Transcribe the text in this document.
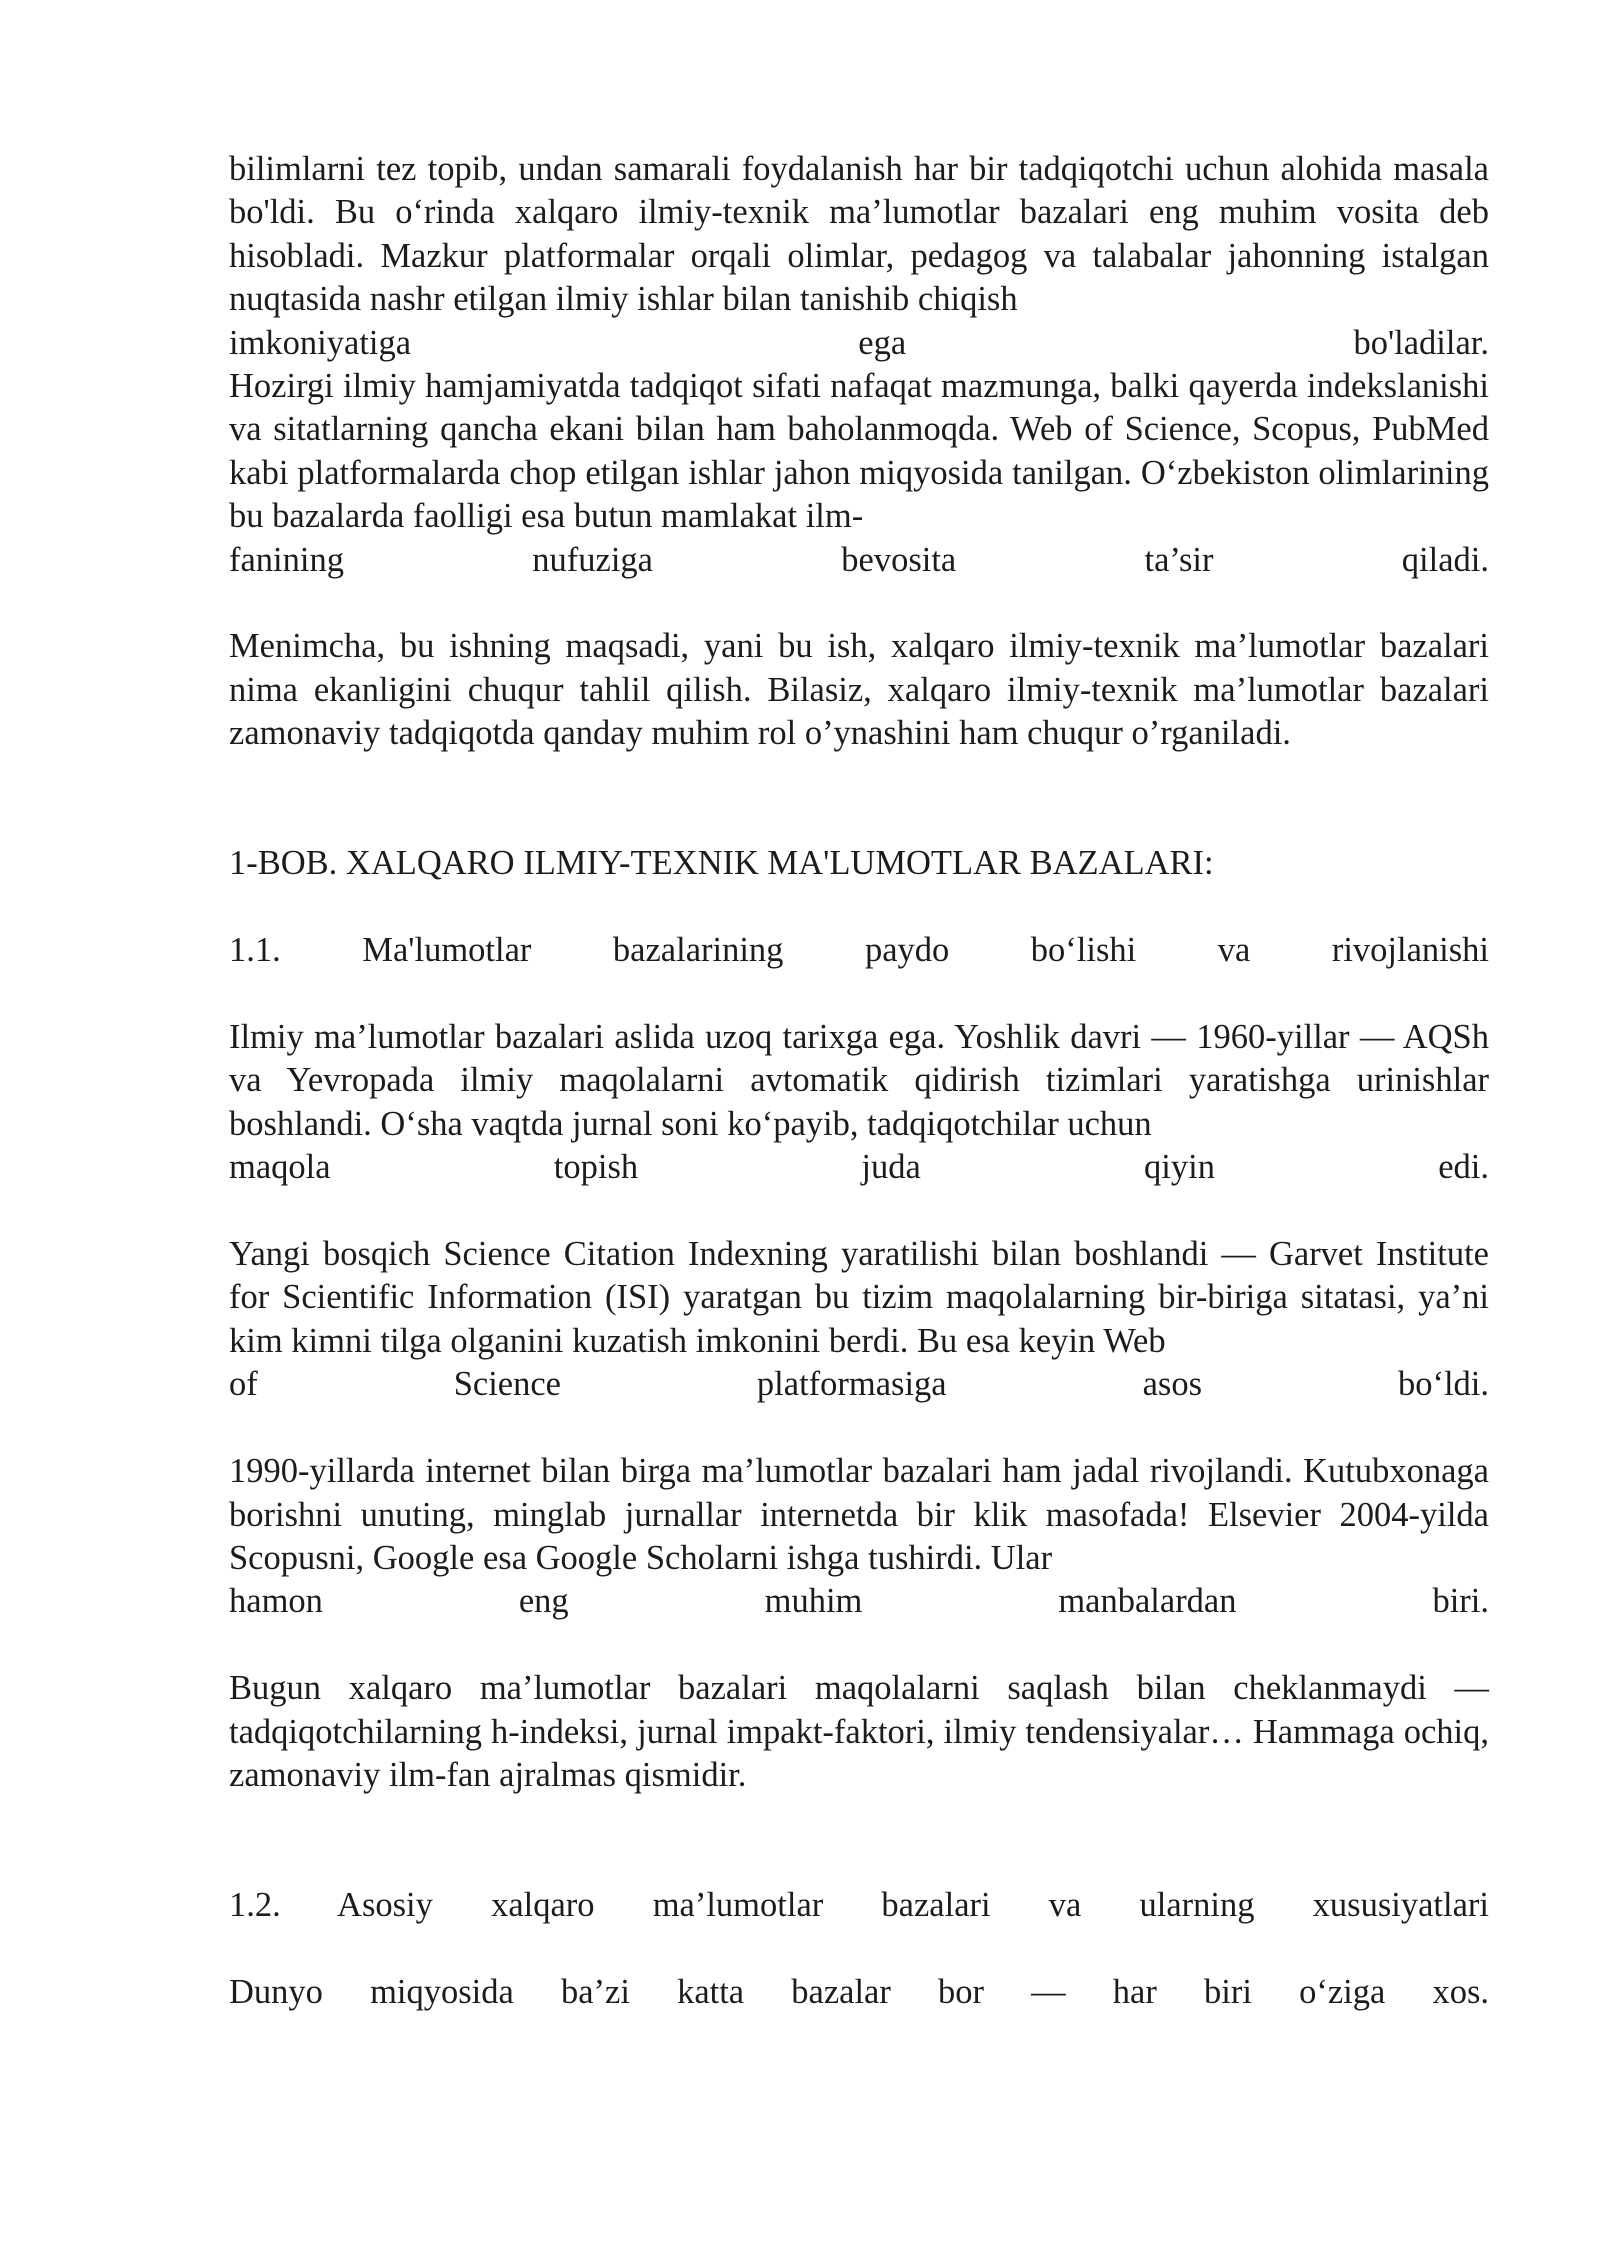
bilimlarni tez topib, undan samarali foydalanish har bir tadqiqotchi uchun alohida masala bo'ldi. Bu o‘rinda xalqaro ilmiy-texnik ma’lumotlar bazalari eng muhim vosita deb hisobladi. Mazkur platformalar orqali olimlar, pedagog va talabalar jahonning istalgan nuqtasida nashr etilgan ilmiy ishlar bilan tanishib chiqish

imkoniyatiga ega bo'ladilar.

Hozirgi ilmiy hamjamiyatda tadqiqot sifati nafaqat mazmunga, balki qayerda indekslanishi va sitatlarning qancha ekani bilan ham baholanmoqda. Web of Science, Scopus, PubMed kabi platformalarda chop etilgan ishlar jahon miqyosida tanilgan. O‘zbekiston olimlarining bu bazalarda faolligi esa butun mamlakat ilm-

fanining nufuziga bevosita ta’sir qiladi.

Menimcha, bu ishning maqsadi, yani bu ish, xalqaro ilmiy-texnik ma’lumotlar bazalari nima ekanligini chuqur tahlil qilish. Bilasiz, xalqaro ilmiy-texnik ma’lumotlar bazalari zamonaviy tadqiqotda qanday muhim rol o’ynashini ham chuqur o’rganiladi.

1-BOB. XALQARO ILMIY-TEXNIK MA'LUMOTLAR BAZALARI:

1.1. Ma'lumotlar bazalarining paydo bo‘lishi va rivojlanishi

Ilmiy ma’lumotlar bazalari aslida uzoq tarixga ega. Yoshlik davri — 1960-yillar — AQSh va Yevropada ilmiy maqolalarni avtomatik qidirish tizimlari yaratishga urinishlar boshlandi. O‘sha vaqtda jurnal soni ko‘payib, tadqiqotchilar uchun

maqola topish juda qiyin edi.

Yangi bosqich Science Citation Indexning yaratilishi bilan boshlandi — Garvet Institute for Scientific Information (ISI) yaratgan bu tizim maqolalarning bir-biriga sitatasi, ya’ni kim kimni tilga olganini kuzatish imkonini berdi. Bu esa keyin Web

of Science platformasiga asos bo‘ldi.

1990-yillarda internet bilan birga ma’lumotlar bazalari ham jadal rivojlandi. Kutubxonaga borishni unuting, minglab jurnallar internetda bir klik masofada! Elsevier 2004-yilda Scopusni, Google esa Google Scholarni ishga tushirdi. Ular

hamon eng muhim manbalardan biri.

Bugun xalqaro ma’lumotlar bazalari maqolalarni saqlash bilan cheklanmaydi — tadqiqotchilarning h-indeksi, jurnal impakt-faktori, ilmiy tendensiyalar… Hammaga ochiq, zamonaviy ilm-fan ajralmas qismidir.

1.2. Asosiy xalqaro ma’lumotlar bazalari va ularning xususiyatlari
Dunyo miqyosida ba’zi katta bazalar bor — har biri o‘ziga xos.
